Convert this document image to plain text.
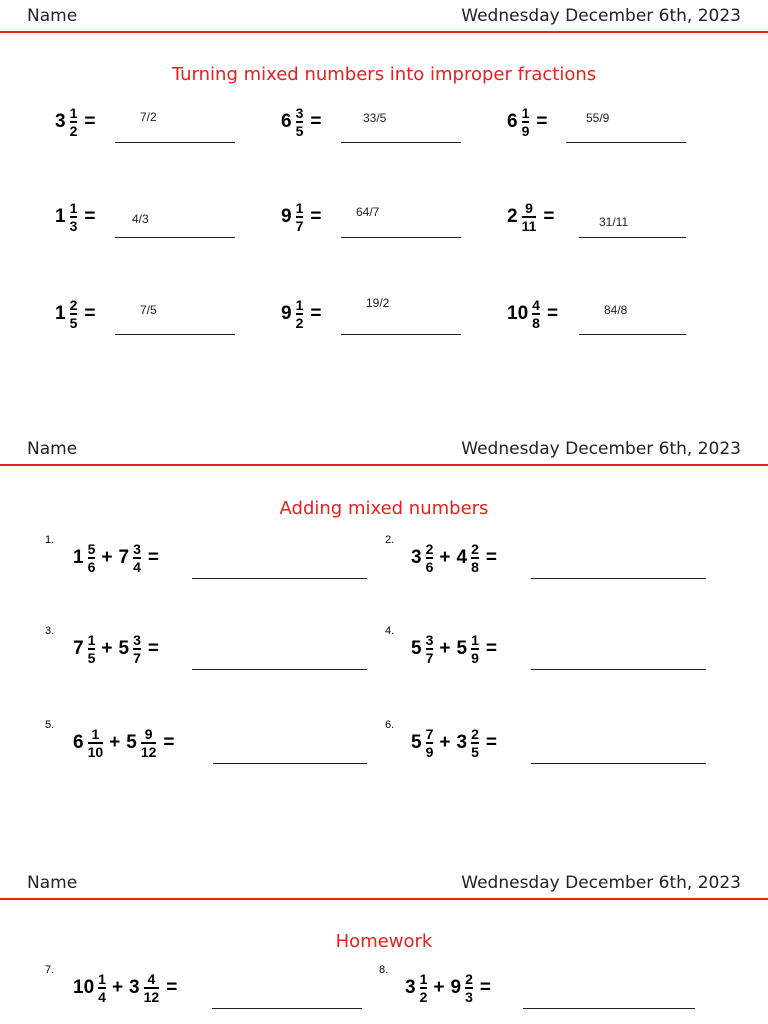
Name	Wednesday December 6th, 2023
Turning mixed numbers into improper fractions
$3 \frac{1}{2}$ =	7/2	$6 \frac{3}{5}$ =	33/5	$6 \frac{1}{9}$ =	55/9
$1 \frac{1}{3}$ =	4/3	$9 \frac{1}{7}$ =	64/7	$2 \frac{9}{11}$ =	31/11
$1 \frac{2}{5}$ =	7/5	$9 \frac{1}{2}$ =	19/2	$10 \frac{4}{8}$ =	84/8
Name	Wednesday December 6th, 2023
Adding mixed numbers
1.
$1 \frac{5}{6} + 7 \frac{3}{4}$ =
2.
$3 \frac{2}{6} + 4 \frac{2}{8}$ =
3.
$7 \frac{1}{5} + 5 \frac{3}{7}$ =
4.
$5 \frac{3}{7} + 5 \frac{1}{9}$ =
5.
$6 \frac{1}{10} + 5 \frac{9}{12}$ =
6.
$5 \frac{7}{9} + 3 \frac{2}{5}$ =
Name	Wednesday December 6th, 2023
Homework
7.
$10 \frac{1}{4} + 3 \frac{4}{12}$ =
8.
$3 \frac{1}{2} + 9 \frac{2}{3}$ =
